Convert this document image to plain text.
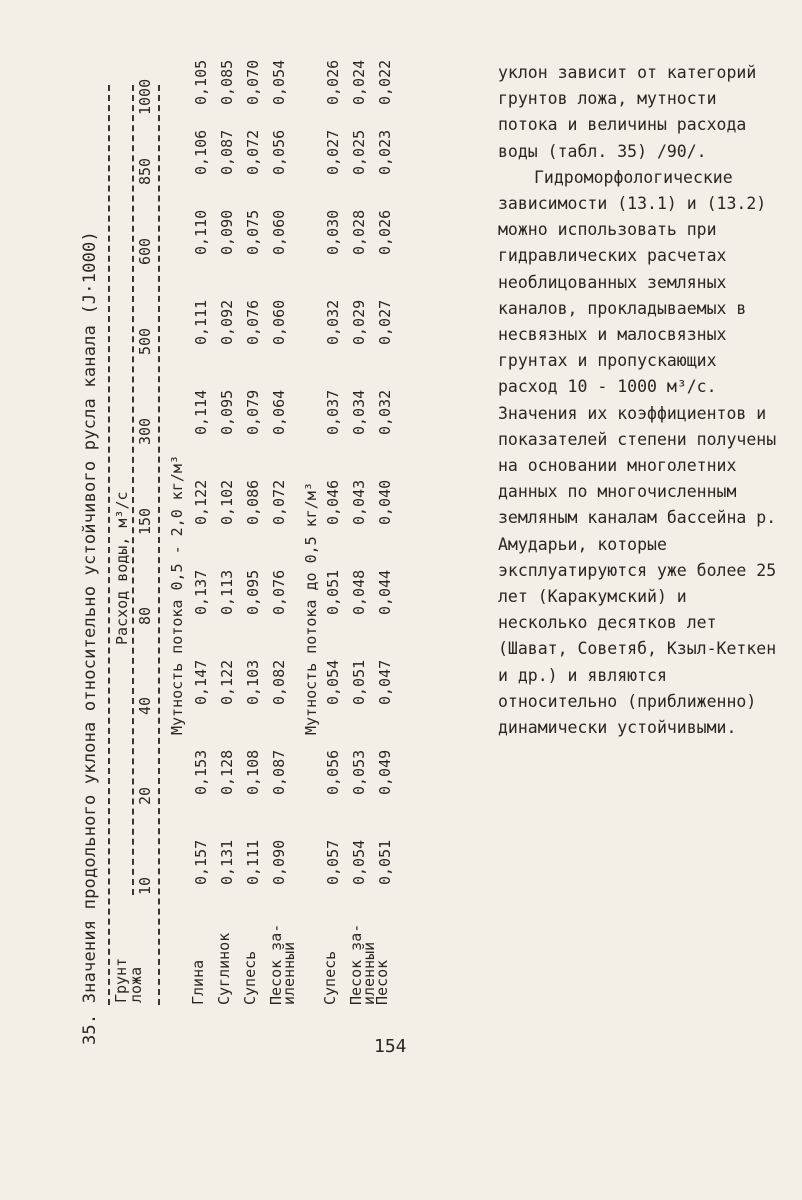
35. Значения продольного уклона относительно устойчивого русла канала (J·1000) Грунт
ложа
Расход воды, м³/с
10
20
40
80
150
300
500
600
850
1000
Мутность потока 0,5 - 2,0 кг/м³
Глина
0,157
0,153
0,147
0,137
0,122
0,114
0,111
0,110
0,106
0,105
Суглинок
0,131
0,128
0,122
0,113
0,102
0,095
0,092
0,090
0,087
0,085
Супесь
0,111
0,108
0,103
0,095
0,086
0,079
0,076
0,075
0,072
0,070
Песок за-
иленный
0,090
0,087
0,082
0,076
0,072
0,064
0,060
0,060
0,056
0,054
Мутность потока до 0,5 кг/м³
Супесь
0,057
0,056
0,054
0,051
0,046
0,037
0,032
0,030
0,027
0,026
Песок за-
иленный
0,054
0,053
0,051
0,048
0,043
0,034
0,029
0,028
0,025
0,024
Песок
0,051
0,049
0,047
0,044
0,040
0,032
0,027
0,026
0,023
0,022	уклон зависит от категорий грунтов ложа, мутности потока и величины расхода воды (табл. 35) /90/.

Гидроморфологические зависимости (13.1) и (13.2) можно использовать при гидравлических расчетах необлицованных земляных каналов, прокладываемых в несвязных и малосвязных грунтах и пропускающих расход 10 - 1000 м³/с. Значения их коэффициентов и показателей степени получены на основании многолетних данных по многочисленным земляным каналам бассейна р. Амударьи, которые эксплуатируются уже более 25 лет (Каракумский) и несколько десятков лет (Шават, Советяб, Кзыл-Кеткен и др.) и являются относительно (приближенно) динамически устойчивыми.

154
